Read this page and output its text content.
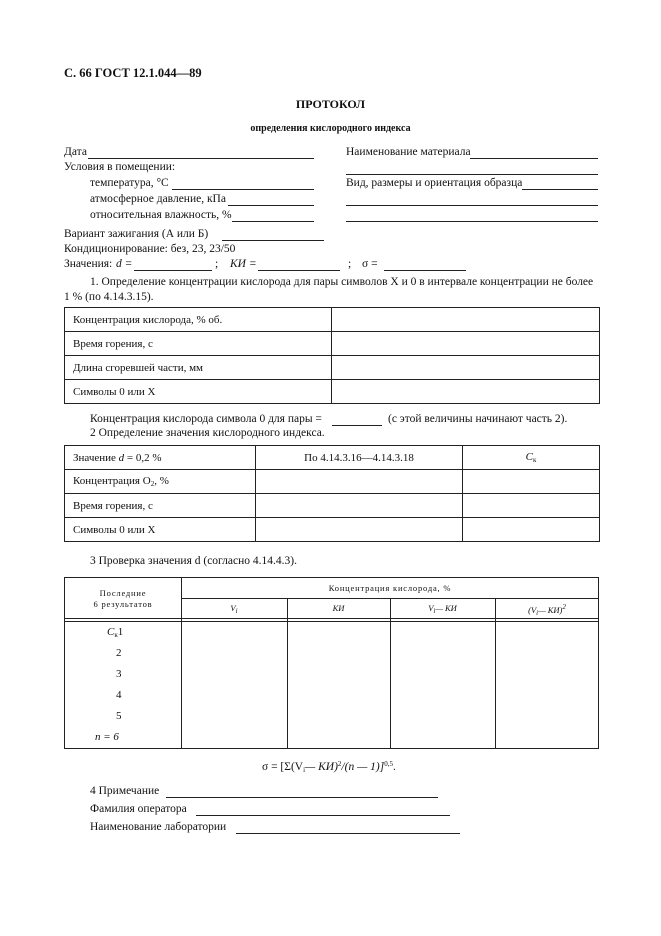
С. 66 ГОСТ 12.1.044—89
ПРОТОКОЛ
определения кислородного индекса
Дата
Условия в помещении:
температура, °С
атмосферное давление, кПа
относительная влажность, %
Наименование материала
Вид, размеры и ориентация образца
Вариант зажигания (А или Б)
Кондиционирование: без, 23, 23/50
Значения: d =	; КИ =	; σ =
1. Определение концентрации кислорода для пары символов X и 0 в интервале концентрации не более 1 % (по 4.14.3.15).
Концентрация кислорода, % об.	
Время горения, с	
Длина сгоревшей части, мм	
Символы 0 или X	
Концентрация кислорода символа 0 для пары =	(с этой величины начинают часть 2).
2 Определение значения кислородного индекса.
Значение d = 0,2 %	По 4.14.3.16—4.14.3.18	$C_к$
Концентрация $O_2$, %		
Время горения, с		
Символы 0 или X		
3 Проверка значения d (согласно 4.14.4.3).
Последние
6 результатов
Концентрация кислорода, %
$V_i$	КИ	$V_i—$ КИ	($V_i—$ КИ)$^2$
$C_к1$
2
3
4
5
n = 6
$\sigma = [\Sigma(V_i—$ КИ)$^2$/(n — 1)]$^{0,5}$.
4 Примечание
Фамилия оператора
Наименование лаборатории
